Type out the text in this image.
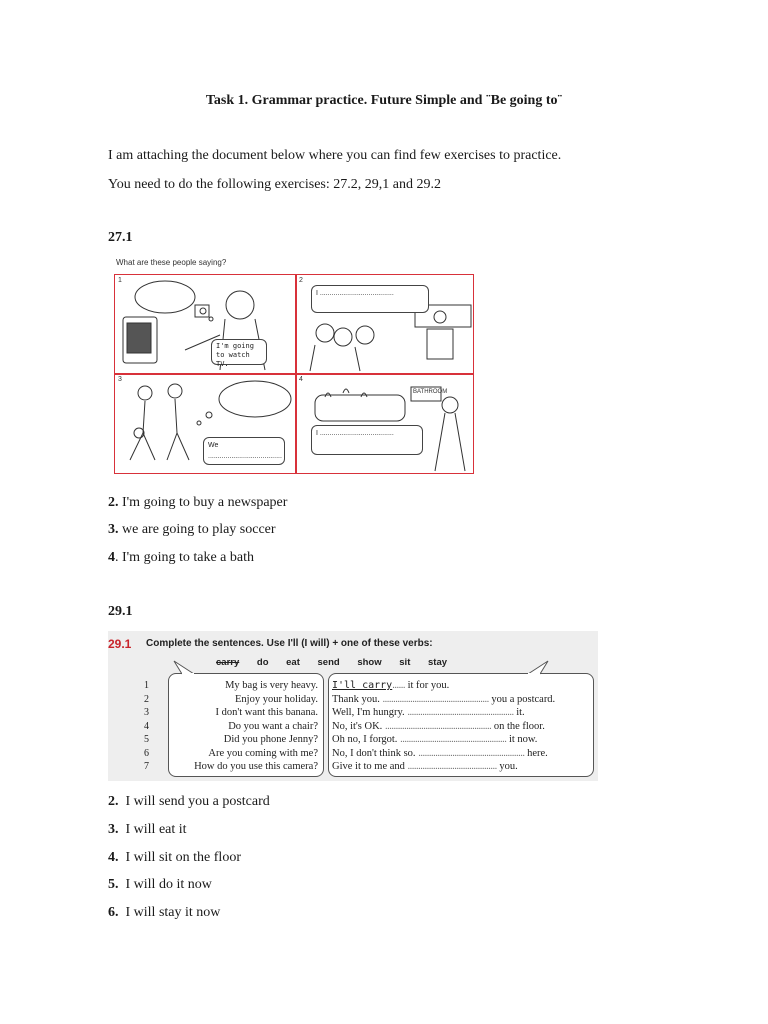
Task 1. Grammar practice. Future Simple and ¨Be going to¨
I am attaching the document below where you can find few exercises to practice.
You need to do the following exercises: 27.2, 29,1 and 29.2
27.1
What are these people saying?
1	2
3	4
I'm going to watch TV.
I ......................................
We ......................................
I ......................................
BATHROOM
2. I'm going to buy a newspaper
3. we are going to play soccer
4. I'm going to take a bath
29.1
29.1 Complete the sentences. Use I'll (I will) + one of these verbs:
carry do eat send show sit stay
1
2
3
4
5
6
7
My bag is very heavy.
Enjoy your holiday.
I don't want this banana.
Do you want a chair?
Did you phone Jenny?
Are you coming with me?
How do you use this camera?
I'll carry...... it for you.
Thank you. .................................................. you a postcard.
Well, I'm hungry. .................................................. it.
No, it's OK. .................................................. on the floor.
Oh no, I forgot. .................................................. it now.
No, I don't think so. .................................................. here.
Give it to me and .......................................... you.
2.  I will send you a postcard
3.  I will eat it
4.  I will sit on the floor
5.  I will do it now
6.  I will stay it now
